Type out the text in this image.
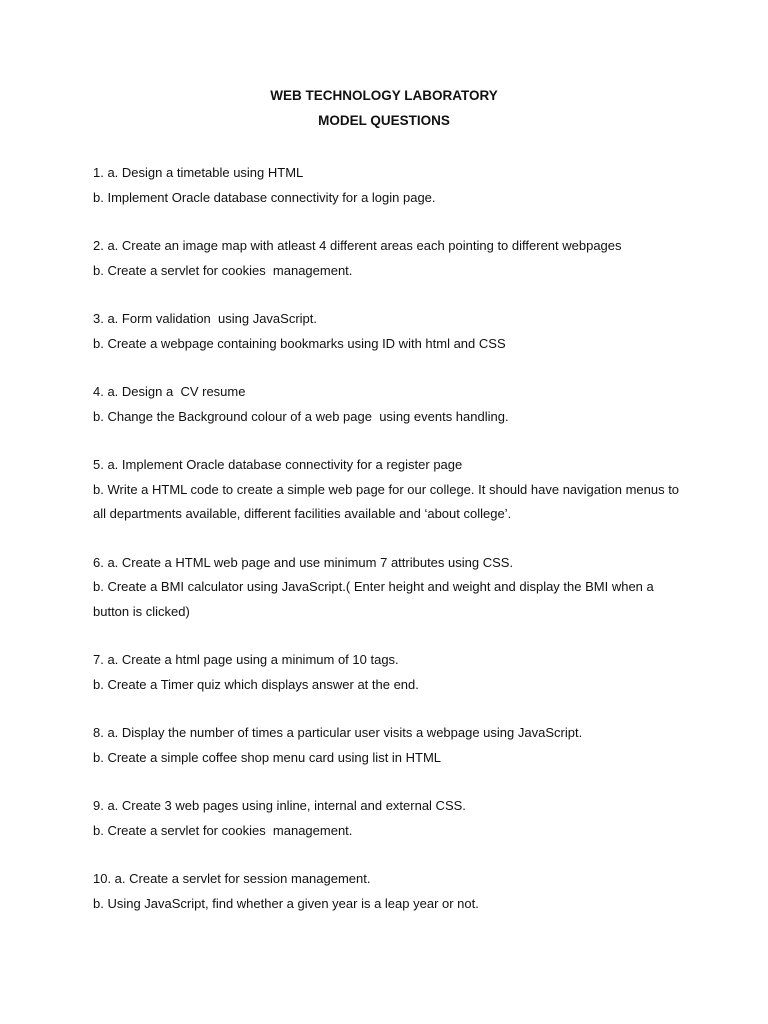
WEB TECHNOLOGY LABORATORY

MODEL QUESTIONS

1. a. Design a timetable using HTML

b. Implement Oracle database connectivity for a login page.

2. a. Create an image map with atleast 4 different areas each pointing to different webpages

b. Create a servlet for cookies  management.

3. a. Form validation  using JavaScript.

b. Create a webpage containing bookmarks using ID with html and CSS

4. a. Design a  CV resume

b. Change the Background colour of a web page  using events handling.

5. a. Implement Oracle database connectivity for a register page

b. Write a HTML code to create a simple web page for our college. It should have navigation menus to all departments available, different facilities available and ‘about college’.

6. a. Create a HTML web page and use minimum 7 attributes using CSS.

b. Create a BMI calculator using JavaScript.( Enter height and weight and display the BMI when a button is clicked)

7. a. Create a html page using a minimum of 10 tags.

b. Create a Timer quiz which displays answer at the end.

8. a. Display the number of times a particular user visits a webpage using JavaScript.

b. Create a simple coffee shop menu card using list in HTML

9. a. Create 3 web pages using inline, internal and external CSS.

b. Create a servlet for cookies  management.

10. a. Create a servlet for session management.

b. Using JavaScript, find whether a given year is a leap year or not.
